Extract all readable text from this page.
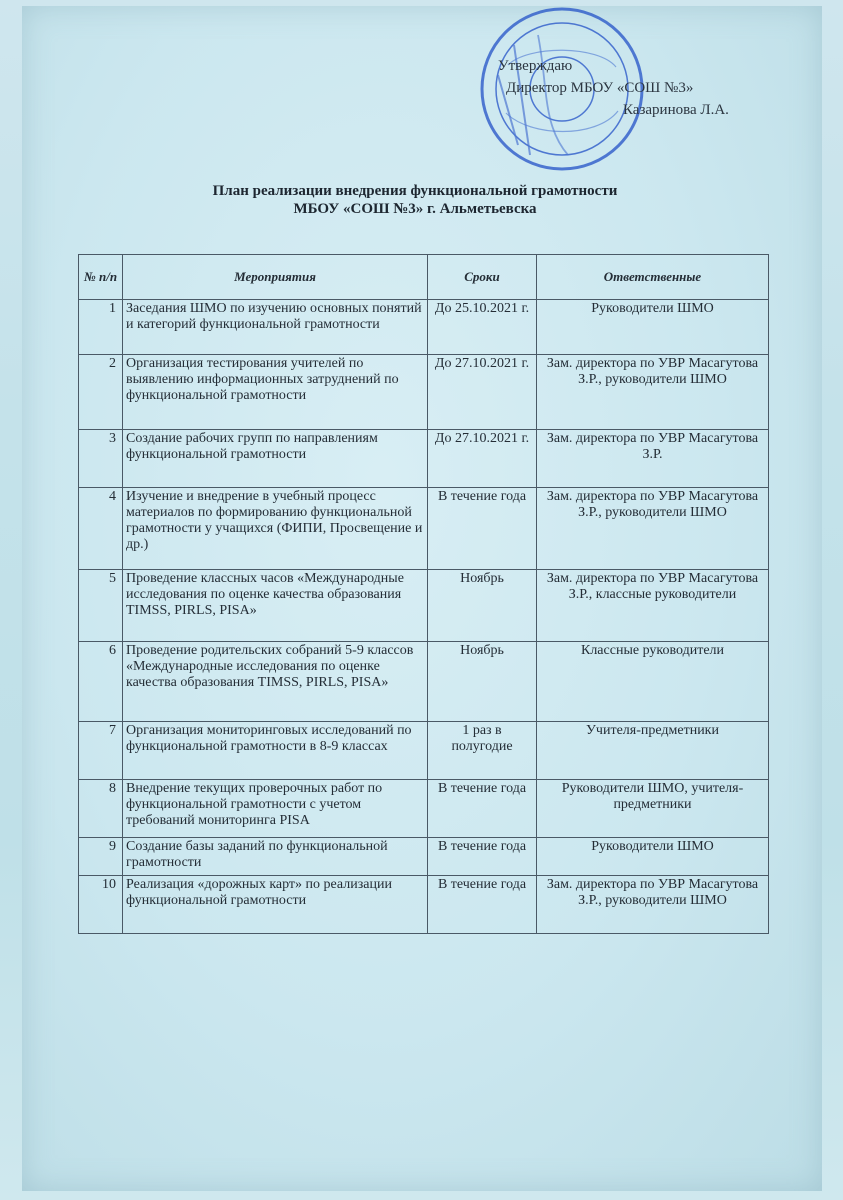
Утверждаю
Директор МБОУ «СОШ №3»
Казаринова Л.А.
План реализации внедрения функциональной грамотности
МБОУ «СОШ №3» г. Альметьевска
№ п/п	Мероприятия	Сроки	Ответственные
1	Заседания ШМО по изучению основных понятий и категорий функциональной грамотности	До 25.10.2021 г.	Руководители ШМО
2	Организация тестирования учителей по выявлению информационных затруднений по функциональной грамотности	До 27.10.2021 г.	Зам. директора по УВР Масагутова З.Р., руководители ШМО
3	Создание рабочих групп по направлениям функциональной грамотности	До 27.10.2021 г.	Зам. директора по УВР Масагутова З.Р.
4	Изучение и внедрение в учебный процесс материалов по формированию функциональной грамотности у учащихся (ФИПИ, Просвещение и др.)	В течение года	Зам. директора по УВР Масагутова З.Р., руководители ШМО
5	Проведение классных часов «Международные исследования по оценке качества образования TIMSS, PIRLS, PISA»	Ноябрь	Зам. директора по УВР Масагутова З.Р., классные руководители
6	Проведение родительских собраний 5-9 классов «Международные исследования по оценке качества образования TIMSS, PIRLS, PISA»	Ноябрь	Классные руководители
7	Организация мониторинговых исследований по функциональной грамотности в 8-9 классах	1 раз в полугодие	Учителя-предметники
8	Внедрение текущих проверочных работ по функциональной грамотности с учетом требований мониторинга PISA	В течение года	Руководители ШМО, учителя-предметники
9	Создание базы заданий по функциональной грамотности	В течение года	Руководители ШМО
10	Реализация «дорожных карт» по реализации функциональной грамотности	В течение года	Зам. директора по УВР Масагутова З.Р., руководители ШМО
